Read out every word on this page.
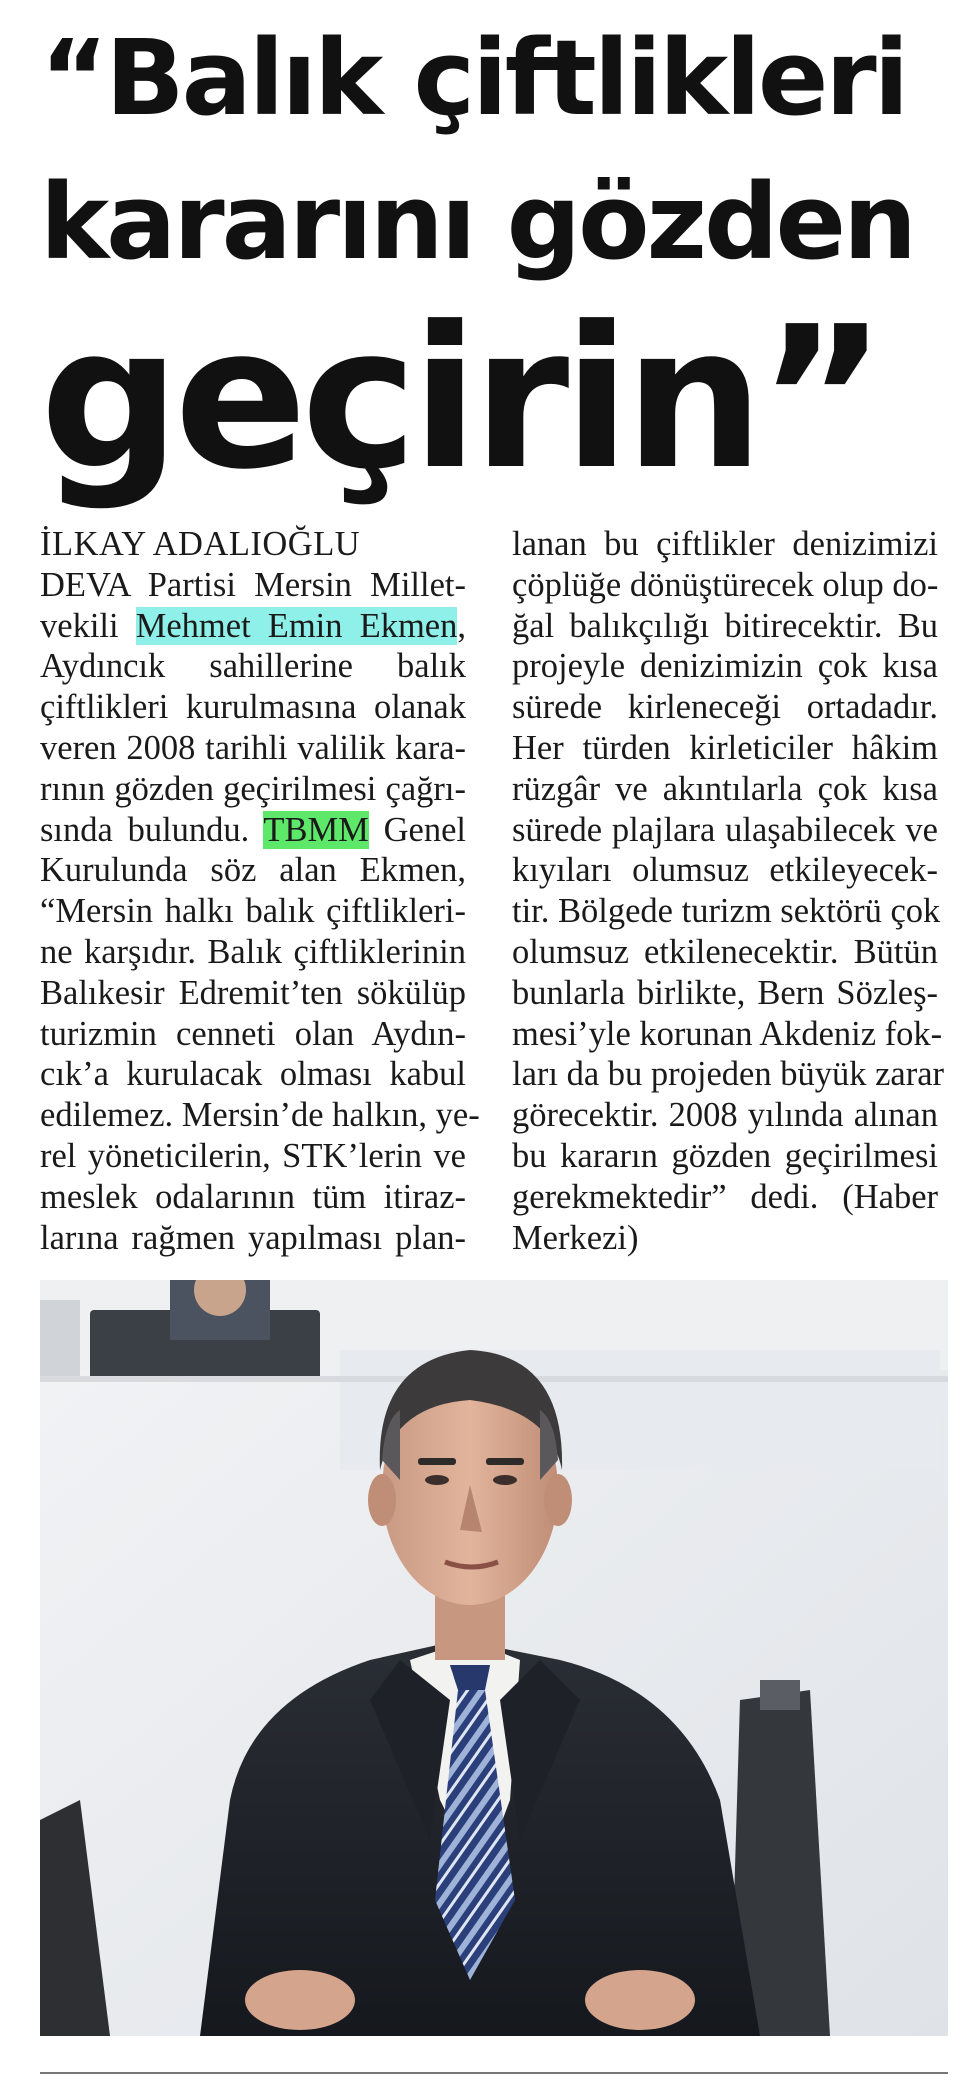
“Balık çiftlikleri
kararını gözden
geçirin”
İLKAY ADALIOĞLU
DEVA Partisi Mersin Millet-
vekili Mehmet Emin Ekmen,
Aydıncık sahillerine balık
çiftlikleri kurulmasına olanak
veren 2008 tarihli valilik kara-
rının gözden geçirilmesi çağrı-
sında bulundu. TBMM Genel
Kurulunda söz alan Ekmen,
“Mersin halkı balık çiftlikleri-
ne karşıdır. Balık çiftliklerinin
Balıkesir Edremit’ten sökülüp
turizmin cenneti olan Aydın-
cık’a kurulacak olması kabul
edilemez. Mersin’de halkın, ye-
rel yöneticilerin, STK’lerin ve
meslek odalarının tüm itiraz-
larına rağmen yapılması plan-
lanan bu çiftlikler denizimizi
çöplüğe dönüştürecek olup do-
ğal balıkçılığı bitirecektir. Bu
projeyle denizimizin çok kısa
sürede kirleneceği ortadadır.
Her türden kirleticiler hâkim
rüzgâr ve akıntılarla çok kısa
sürede plajlara ulaşabilecek ve
kıyıları olumsuz etkileyecek-
tir. Bölgede turizm sektörü çok
olumsuz etkilenecektir. Bütün
bunlarla birlikte, Bern Sözleş-
mesi’yle korunan Akdeniz fok-
ları da bu projeden büyük zarar
görecektir. 2008 yılında alınan
bu kararın gözden geçirilmesi
gerekmektedir” dedi. (Haber
Merkezi)
